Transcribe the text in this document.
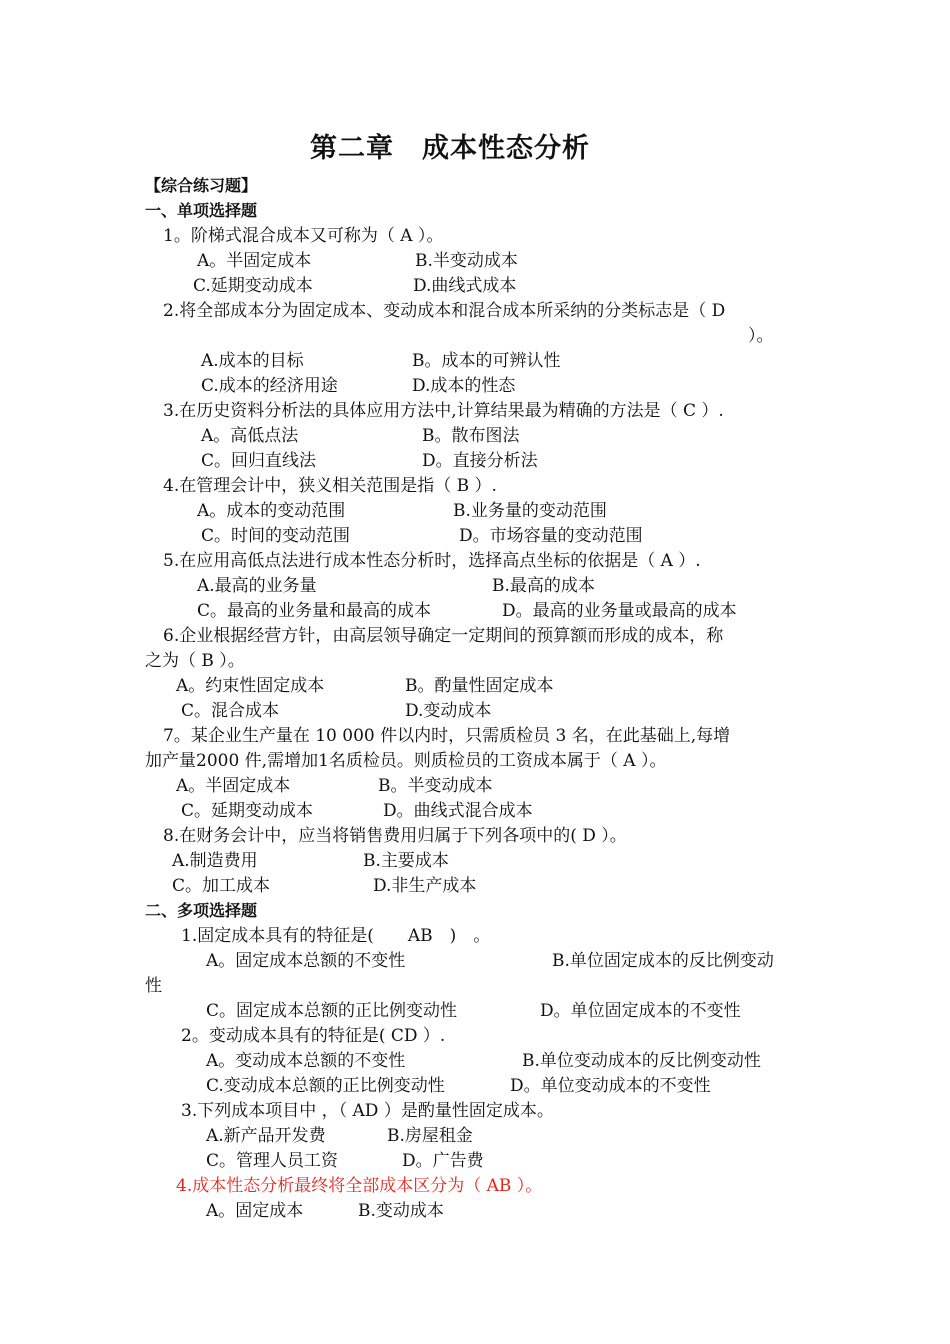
第二章　成本性态分析
【综合练习题】
一、单项选择题
1。阶梯式混合成本又可称为（ A ）。
A。半固定成本	B.半变动成本
C.延期变动成本	D.曲线式成本
2.将全部成本分为固定成本、变动成本和混合成本所采纳的分类标志是（ D
）。
A.成本的目标	B。成本的可辨认性
C.成本的经济用途	D.成本的性态
3.在历史资料分析法的具体应用方法中,计算结果最为精确的方法是（ C ）.
A。高低点法	B。散布图法
C。回归直线法	D。直接分析法
4.在管理会计中，狭义相关范围是指（ B ）.
A。成本的变动范围	B.业务量的变动范围
C。时间的变动范围	D。市场容量的变动范围
5.在应用高低点法进行成本性态分析时，选择高点坐标的依据是（ A ）.
A.最高的业务量	B.最高的成本
C。最高的业务量和最高的成本	D。最高的业务量或最高的成本
6.企业根据经营方针，由高层领导确定一定期间的预算额而形成的成本，称
之为（ B ）。
A。约束性固定成本	B。酌量性固定成本
C。混合成本	D.变动成本
7。某企业生产量在 10 000 件以内时，只需质检员 3 名，在此基础上,每增
加产量2000 件,需增加1名质检员。则质检员的工资成本属于（ A ）。
A。半固定成本	B。半变动成本
C。延期变动成本	D。曲线式混合成本
8.在财务会计中，应当将销售费用归属于下列各项中的( D ）。
A.制造费用	B.主要成本
C。加工成本	D.非生产成本
二、多项选择题
1.固定成本具有的特征是(　　AB　)　。
A。固定成本总额的不变性	B.单位固定成本的反比例变动
性
C。固定成本总额的正比例变动性	D。单位固定成本的不变性
2。变动成本具有的特征是( CD ）.
A。变动成本总额的不变性	B.单位变动成本的反比例变动性
C.变动成本总额的正比例变动性	D。单位变动成本的不变性
3.下列成本项目中 ，（ AD ）是酌量性固定成本。
A.新产品开发费	B.房屋租金
C。管理人员工资	D。广告费
4.成本性态分析最终将全部成本区分为（ AB ）。
A。固定成本	B.变动成本
